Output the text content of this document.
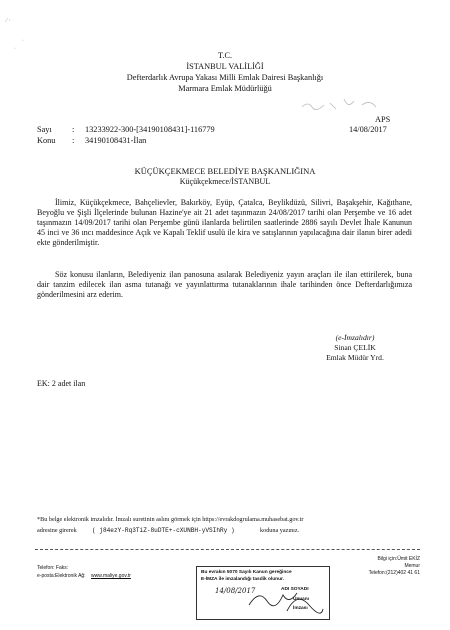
⁄ ·
·
·
T.C.
İSTANBUL VALİLİĞİ
Defterdarlık Avrupa Yakası Milli Emlak Dairesi Başkanlığı
Marmara Emlak Müdürlüğü
APS
Sayı : 13233922-300-[34190108431]-116779	14/08/2017
Konu : 34190108431-İlan
KÜÇÜKÇEKMECE BELEDİYE BAŞKANLIĞINA
Küçükçekmece/İSTANBUL
İlimiz, Küçükçekmece, Bahçelievler, Bakırköy, Eyüp, Çatalca, Beylikdüzü, Silivri, Başakşehir, Kağıthane, Beyoğlu ve Şişli İlçelerinde bulunan Hazine'ye ait 21 adet taşınmazın 24/08/2017 tarihi olan Perşembe ve 16 adet taşınmazın 14/09/2017 tarihi olan Perşembe günü ilanlarda belirtilen saatlerinde 2886 sayılı Devlet İhale Kanunun 45 inci ve 36 ıncı maddesince Açık ve Kapalı Teklif usulü ile kira ve satışlarının yapılacağına dair ilanın birer adedi ekte gönderilmiştir.
Söz konusu ilanların, Belediyeniz ilan panosuna asılarak Belediyeniz yayın araçları ile ilan ettirilerek, buna dair tanzim edilecek ilan asma tutanağı ve yayınlattırma tutanaklarının ihale tarihinden önce Defterdarlığımıza gönderilmesini arz ederim.
(e-İmzalıdır)
Sinan ÇELİK
Emlak Müdür Yrd.
EK: 2 adet ilan
*Bu belge elektronik imzalıdır. İmzalı suretinin aslını görmek için https://evrakdogrulama.muhasebat.gov.tr
adresine girerek	( j84ezY-Rq3TiZ-8uDTE+-cXUNBH-yVSIhRy )	koduna yazınız.
Telefon: Faks:
e-posta: Elektronik Ağ: www.maliye.gov.tr
Bilgi için:Ümit EKİZ
Memur
Telefon:(212)402 41 61
Bu evrakın 5070 Sayılı Kanun gereğince
E-İMZA ile imzalandığı tasdik olunur.
14/08/2017	ADI SOYADI
Ünvanı
İmzası
